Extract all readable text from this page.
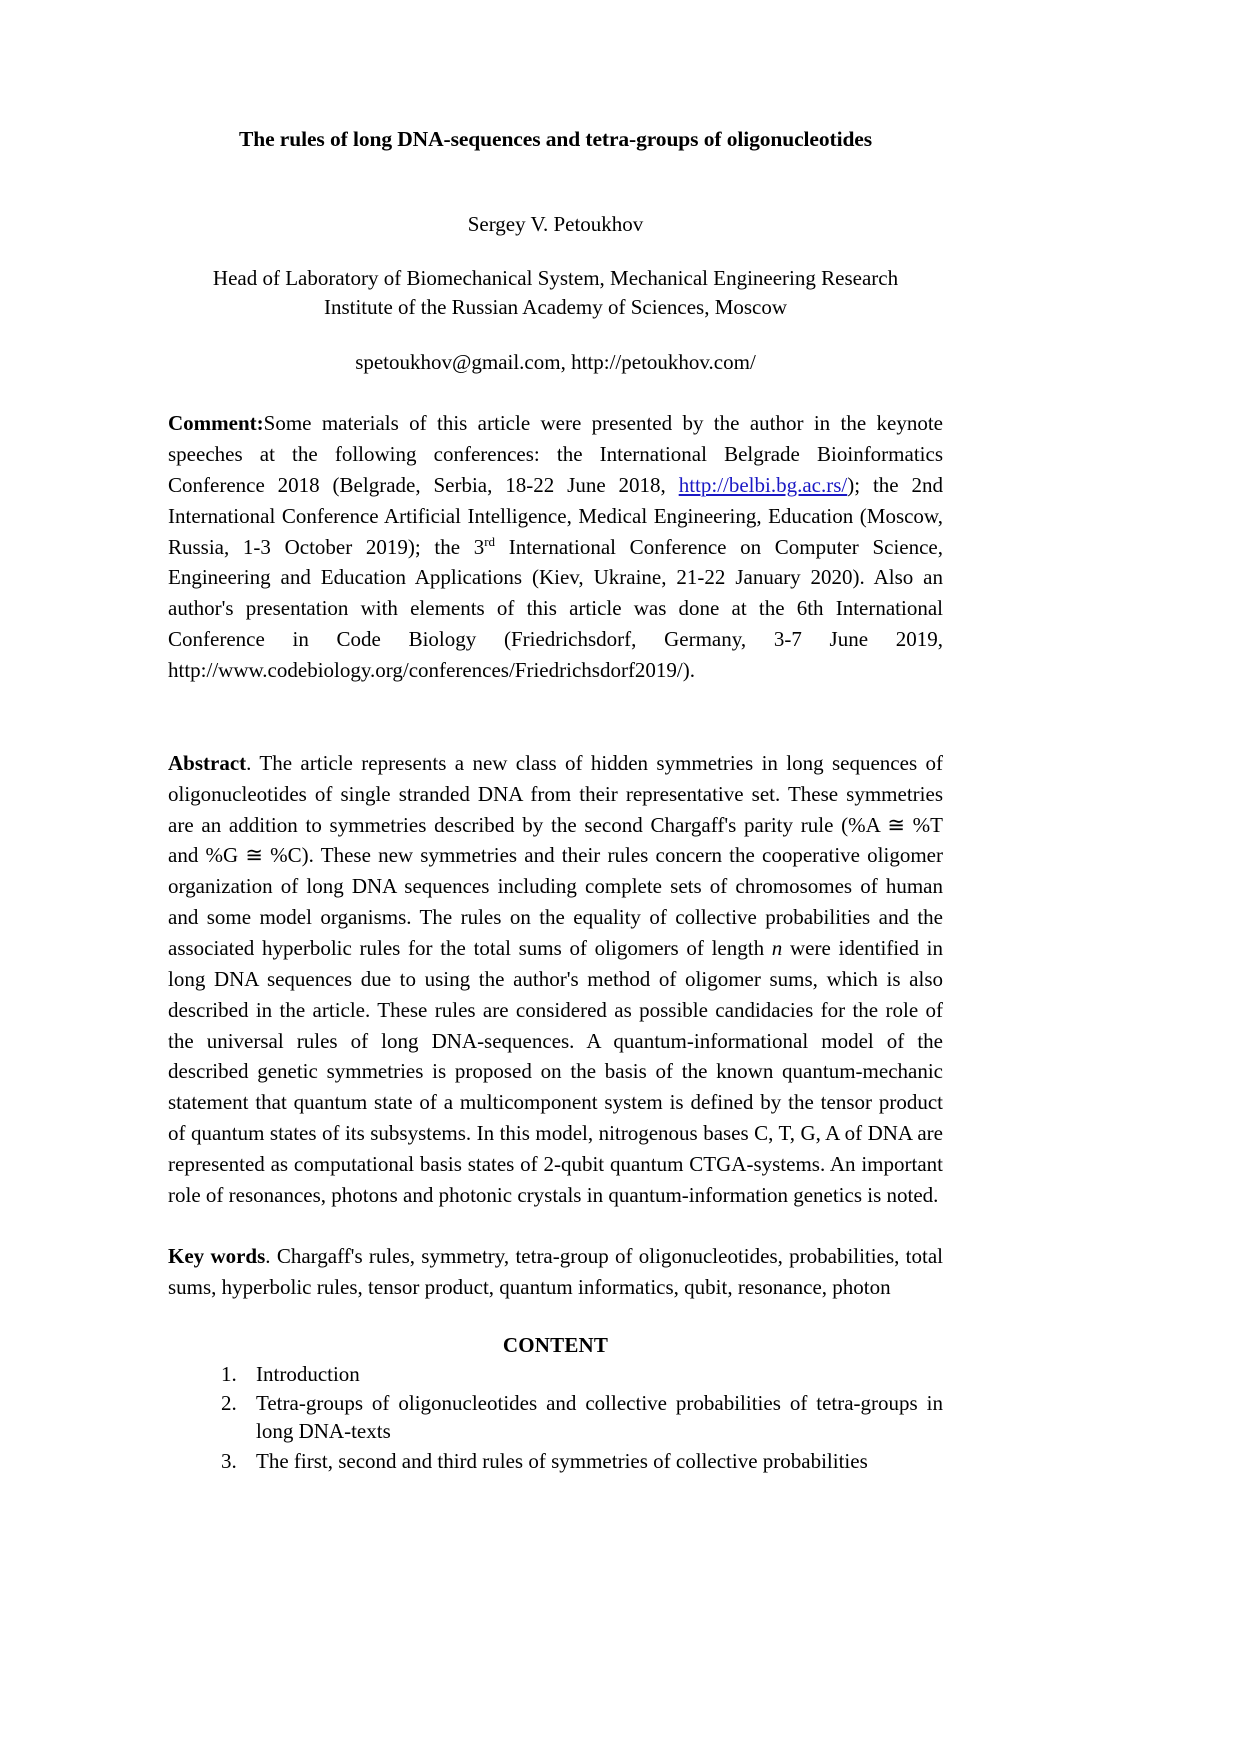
The rules of long DNA-sequences and tetra-groups of oligonucleotides
Sergey V. Petoukhov
Head of Laboratory of Biomechanical System, Mechanical Engineering Research
Institute of the Russian Academy of Sciences, Moscow
spetoukhov@gmail.com, http://petoukhov.com/

Comment:Some materials of this article were presented by the author in the keynote speeches at the following conferences: the International Belgrade Bioinformatics Conference 2018 (Belgrade, Serbia, 18-22 June 2018, http://belbi.bg.ac.rs/); the 2nd International Conference Artificial Intelligence, Medical Engineering, Education (Moscow, Russia, 1-3 October 2019); the 3rd International Conference on Computer Science, Engineering and Education Applications (Kiev, Ukraine, 21-22 January 2020). Also an author's presentation with elements of this article was done at the 6th International Conference in Code Biology (Friedrichsdorf, Germany, 3-7 June 2019, http://www.codebiology.org/conferences/Friedrichsdorf2019/).

Abstract. The article represents a new class of hidden symmetries in long sequences of oligonucleotides of single stranded DNA from their representative set. These symmetries are an addition to symmetries described by the second Chargaff's parity rule (%A ≅ %T and %G ≅ %C). These new symmetries and their rules concern the cooperative oligomer organization of long DNA sequences including complete sets of chromosomes of human and some model organisms. The rules on the equality of collective probabilities and the associated hyperbolic rules for the total sums of oligomers of length n were identified in long DNA sequences due to using the author's method of oligomer sums, which is also described in the article. These rules are considered as possible candidacies for the role of the universal rules of long DNA-sequences. A quantum-informational model of the described genetic symmetries is proposed on the basis of the known quantum-mechanic statement that quantum state of a multicomponent system is defined by the tensor product of quantum states of its subsystems. In this model, nitrogenous bases C, T, G, A of DNA are represented as computational basis states of 2-qubit quantum CTGA-systems. An important role of resonances, photons and photonic crystals in quantum-information genetics is noted.

Key words. Chargaff's rules, symmetry, tetra-group of oligonucleotides, probabilities, total sums, hyperbolic rules, tensor product, quantum informatics, qubit, resonance, photon

CONTENT
1. Introduction
2. Tetra-groups of oligonucleotides and collective probabilities of tetra-groups in long DNA-texts
3. The first, second and third rules of symmetries of collective probabilities
